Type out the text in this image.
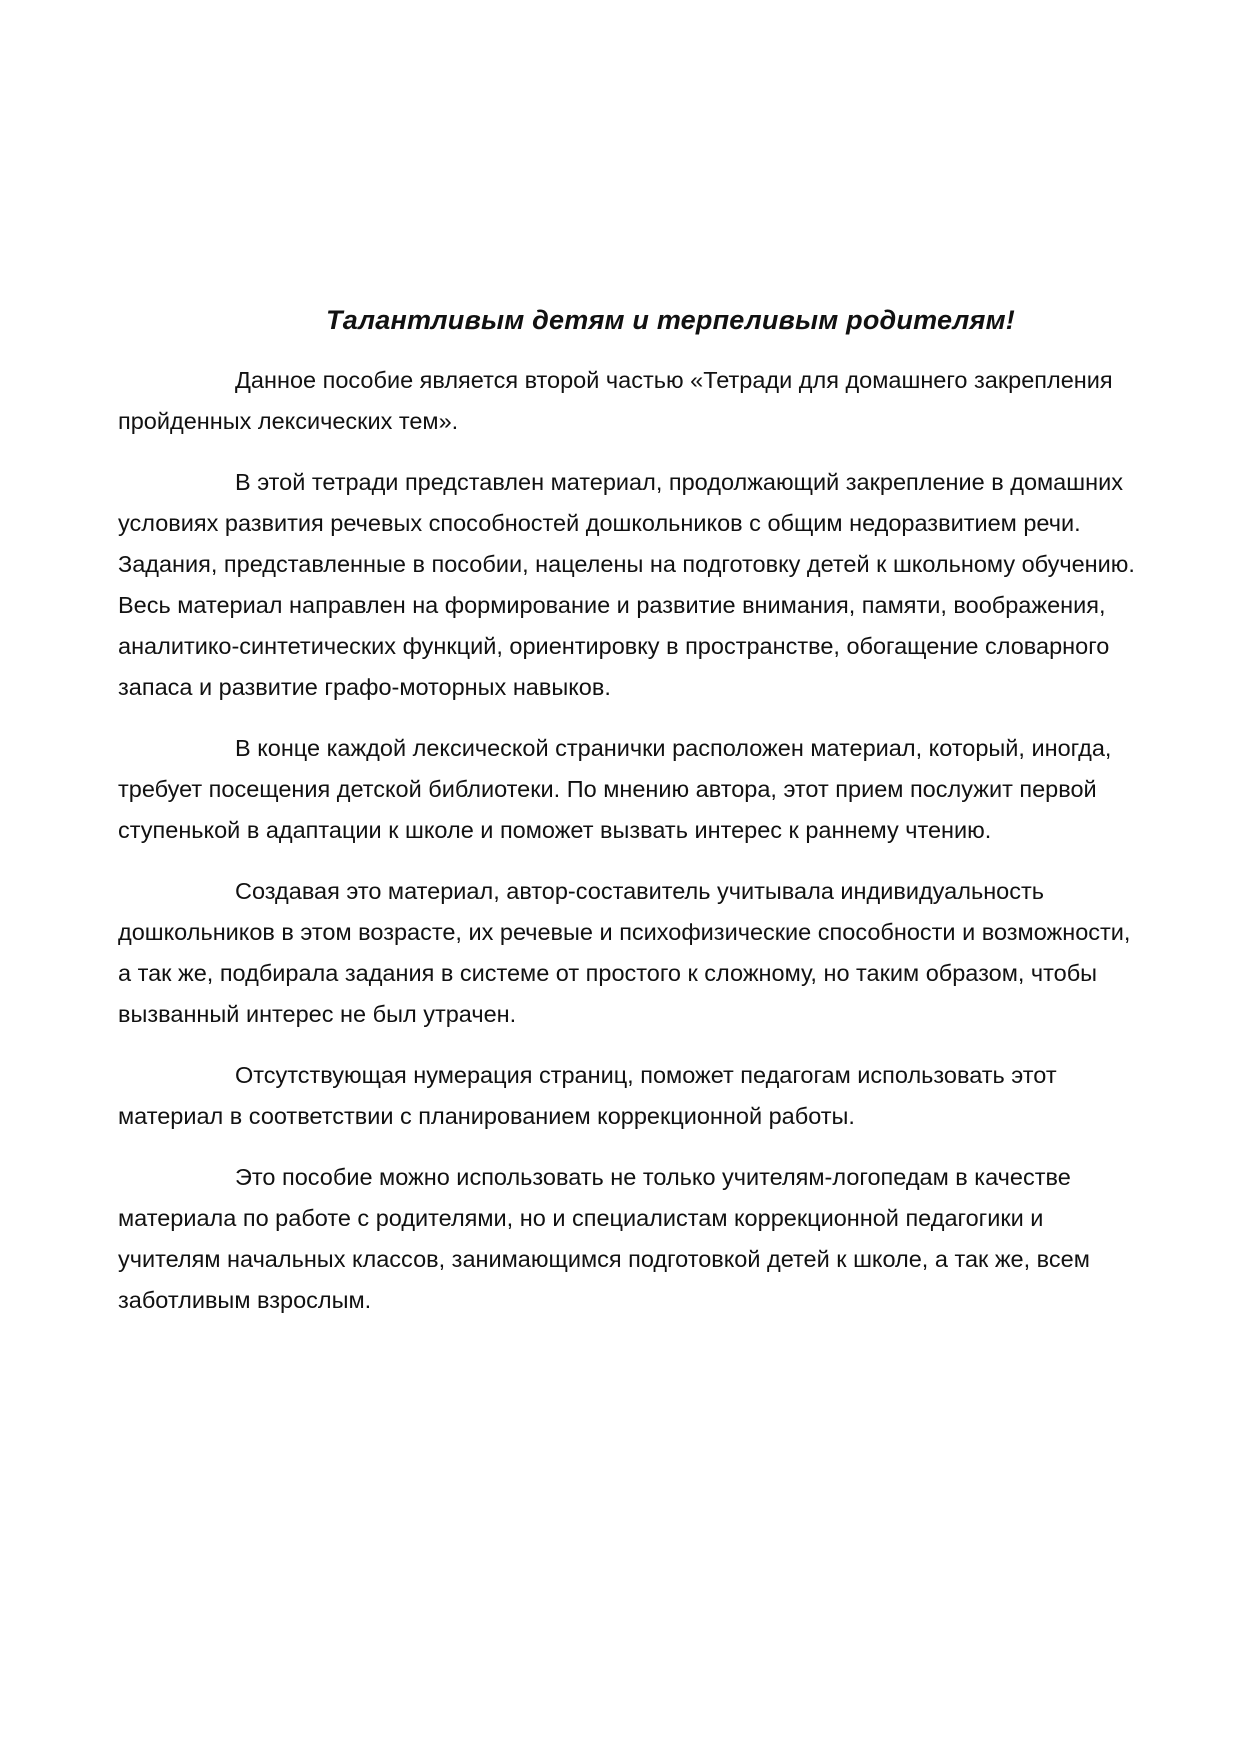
Талантливым детям и терпеливым родителям!

Данное пособие является второй частью «Тетради для домашнего закрепления пройденных лексических тем».

В этой тетради представлен материал, продолжающий закрепление в домашних условиях развития речевых способностей дошкольников с общим недоразвитием речи. Задания, представленные в пособии, нацелены на подготовку детей к школьному обучению. Весь материал направлен на формирование и развитие внимания, памяти, воображения, аналитико-синтетических функций, ориентировку в пространстве, обогащение словарного запаса и развитие графо-моторных навыков.

В конце каждой лексической странички расположен материал, который, иногда, требует посещения детской библиотеки. По мнению автора, этот прием послужит первой ступенькой в адаптации к школе и поможет вызвать интерес к раннему чтению.

Создавая это материал, автор-составитель учитывала индивидуальность дошкольников в этом возрасте, их речевые и психофизические способности и возможности, а так же, подбирала задания в системе от простого к сложному, но таким образом, чтобы вызванный интерес не был утрачен.

Отсутствующая нумерация страниц, поможет педагогам использовать этот материал в соответствии с планированием коррекционной работы.

Это пособие можно использовать не только учителям-логопедам в качестве материала по работе с родителями, но и специалистам коррекционной педагогики и учителям начальных классов, занимающимся подготовкой детей к школе, а так же, всем заботливым взрослым.
